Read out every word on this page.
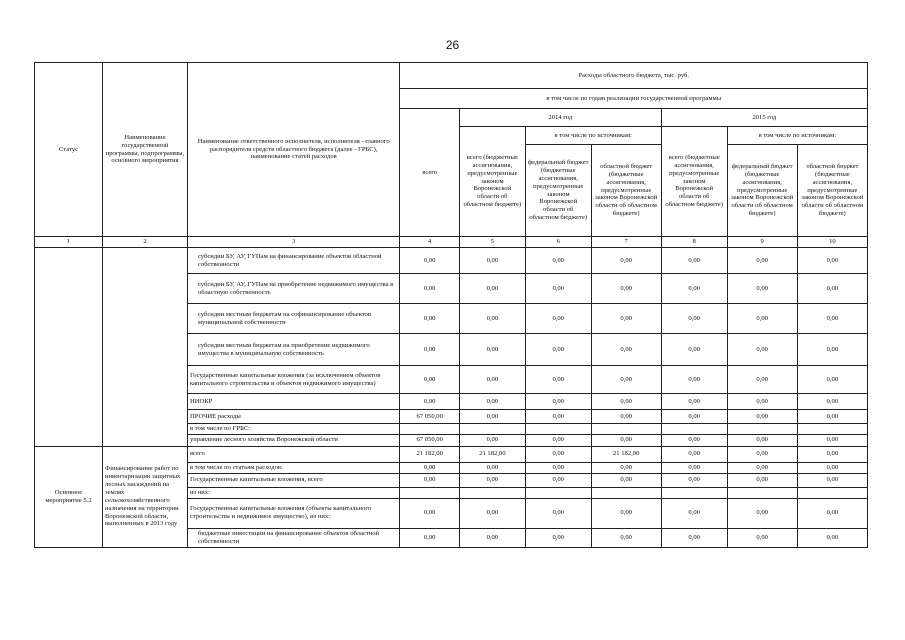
26
Статус	Наименование государственной программы, подпрограммы, основного мероприятия	Наименование ответственного исполнителя, исполнителя - главного распорядителя средств областного бюджета (далее - ГРБС), наименование статей расходов	Расходы областного бюджета, тыс. руб.						
			в том числе по годам реализации государственной программы						
			всего	2014 год			2015 год		
				всего (бюджетные ассигнования, предусмотренные законом Воронежской области об областном бюджете)	в том числе по источникам:		всего (бюджетные ассигнования, предусмотренные законом Воронежской области об областном бюджете)	в том числе по источникам:	
					федеральный бюджет (бюджетные ассигнования, предусмотренные законом Воронежской области об областном бюджете)	областной бюджет (бюджетные ассигнования, предусмотренные законом Воронежской области об областном бюджете)		федеральный бюджет (бюджетные ассигнования, предусмотренные законом Воронежской области об областном бюджете)	областной бюджет (бюджетные ассигнования, предусмотренные законом Воронежской области об областном бюджете)
1	2	3	4	5	6	7	8	9	10
		субсидии БУ, АУ, ГУПам на финансирование объектов областной собственности	0,00	0,00	0,00	0,00	0,00	0,00	0,00
		субсидии БУ, АУ, ГУПам на приобретение недвижимого имущества в областную собственность	0,00	0,00	0,00	0,00	0,00	0,00	0,00
		субсидии местным бюджетам на софинансирование объектов муниципальной собственности	0,00	0,00	0,00	0,00	0,00	0,00	0,00
		субсидии местным бюджетам на приобретение недвижимого имущества в муниципальную собственность	0,00	0,00	0,00	0,00	0,00	0,00	0,00
		Государственные капитальные вложения (за исключением объектов капитального строительства и объектов недвижимого имущества)	0,00	0,00	0,00	0,00	0,00	0,00	0,00
		НИОКР	0,00	0,00	0,00	0,00	0,00	0,00	0,00
		ПРОЧИЕ расходы	67 050,00	0,00	0,00	0,00	0,00	0,00	0,00
		в том числе по ГРБС:							
		управление лесного хозяйства Воронежской области	67 050,00	0,00	0,00	0,00	0,00	0,00	0,00
Основное мероприятие 5.2	Финансирование работ по инвентаризации защитных лесных насаждений на землях сельскохозяйственного назначения на территории Воронежской области, выполненных в 2013 году	всего	21 182,00	21 182,00	0,00	21 182,00	0,00	0,00	0,00
		в том числе по статьям расходов:	0,00	0,00	0,00	0,00	0,00	0,00	0,00
		Государственные капитальные вложения, всего	0,00	0,00	0,00	0,00	0,00	0,00	0,00
		из них:							
		Государственные капитальные вложения (объекты капитального строительства и недвижимое имущество), из них:	0,00	0,00	0,00	0,00	0,00	0,00	0,00
		бюджетные инвестиции на финансирование объектов областной собственности	0,00	0,00	0,00	0,00	0,00	0,00	0,00
